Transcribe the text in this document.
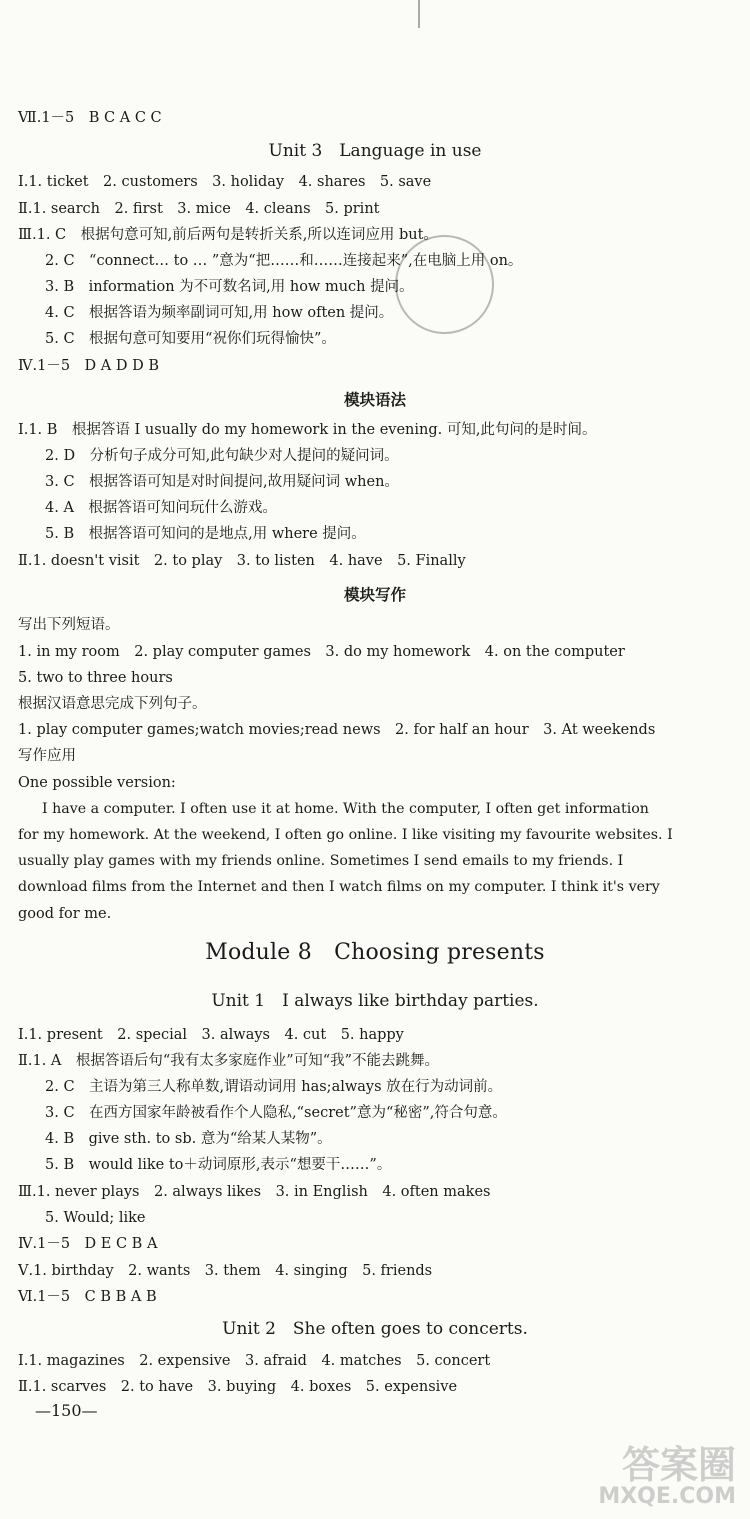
Ⅶ.1－5　B C A C C
Unit 3　Language in use
Ⅰ.1. ticket　2. customers　3. holiday　4. shares　5. save
Ⅱ.1. search　2. first　3. mice　4. cleans　5. print
Ⅲ.1. C　根据句意可知,前后两句是转折关系,所以连词应用 but。
2. C　“connect… to … ”意为“把……和……连接起来”,在电脑上用 on。
3. B　information 为不可数名词,用 how much 提问。
4. C　根据答语为频率副词可知,用 how often 提问。
5. C　根据句意可知要用“祝你们玩得愉快”。
Ⅳ.1－5　D A D D B
模块语法
Ⅰ.1. B　根据答语 I usually do my homework in the evening. 可知,此句问的是时间。
2. D　分析句子成分可知,此句缺少对人提问的疑问词。
3. C　根据答语可知是对时间提问,故用疑问词 when。
4. A　根据答语可知问玩什么游戏。
5. B　根据答语可知问的是地点,用 where 提问。
Ⅱ.1. doesn't visit　2. to play　3. to listen　4. have　5. Finally
模块写作
写出下列短语。
1. in my room　2. play computer games　3. do my homework　4. on the computer
5. two to three hours
根据汉语意思完成下列句子。
1. play computer games;watch movies;read news　2. for half an hour　3. At weekends
写作应用
One possible version:
I have a computer. I often use it at home. With the computer, I often get information
for my homework. At the weekend, I often go online. I like visiting my favourite websites. I
usually play games with my friends online. Sometimes I send emails to my friends. I
download films from the Internet and then I watch films on my computer. I think it's very
good for me.
Module 8　Choosing presents
Unit 1　I always like birthday parties.
Ⅰ.1. present　2. special　3. always　4. cut　5. happy
Ⅱ.1. A　根据答语后句“我有太多家庭作业”可知“我”不能去跳舞。
2. C　主语为第三人称单数,谓语动词用 has;always 放在行为动词前。
3. C　在西方国家年龄被看作个人隐私,“secret”意为“秘密”,符合句意。
4. B　give sth. to sb. 意为“给某人某物”。
5. B　would like to＋动词原形,表示“想要干……”。
Ⅲ.1. never plays　2. always likes　3. in English　4. often makes
5. Would; like
Ⅳ.1－5　D E C B A
Ⅴ.1. birthday　2. wants　3. them　4. singing　5. friends
Ⅵ.1－5　C B B A B
Unit 2　She often goes to concerts.
Ⅰ.1. magazines　2. expensive　3. afraid　4. matches　5. concert
Ⅱ.1. scarves　2. to have　3. buying　4. boxes　5. expensive
—150—
答案圈
MXQE.COM
